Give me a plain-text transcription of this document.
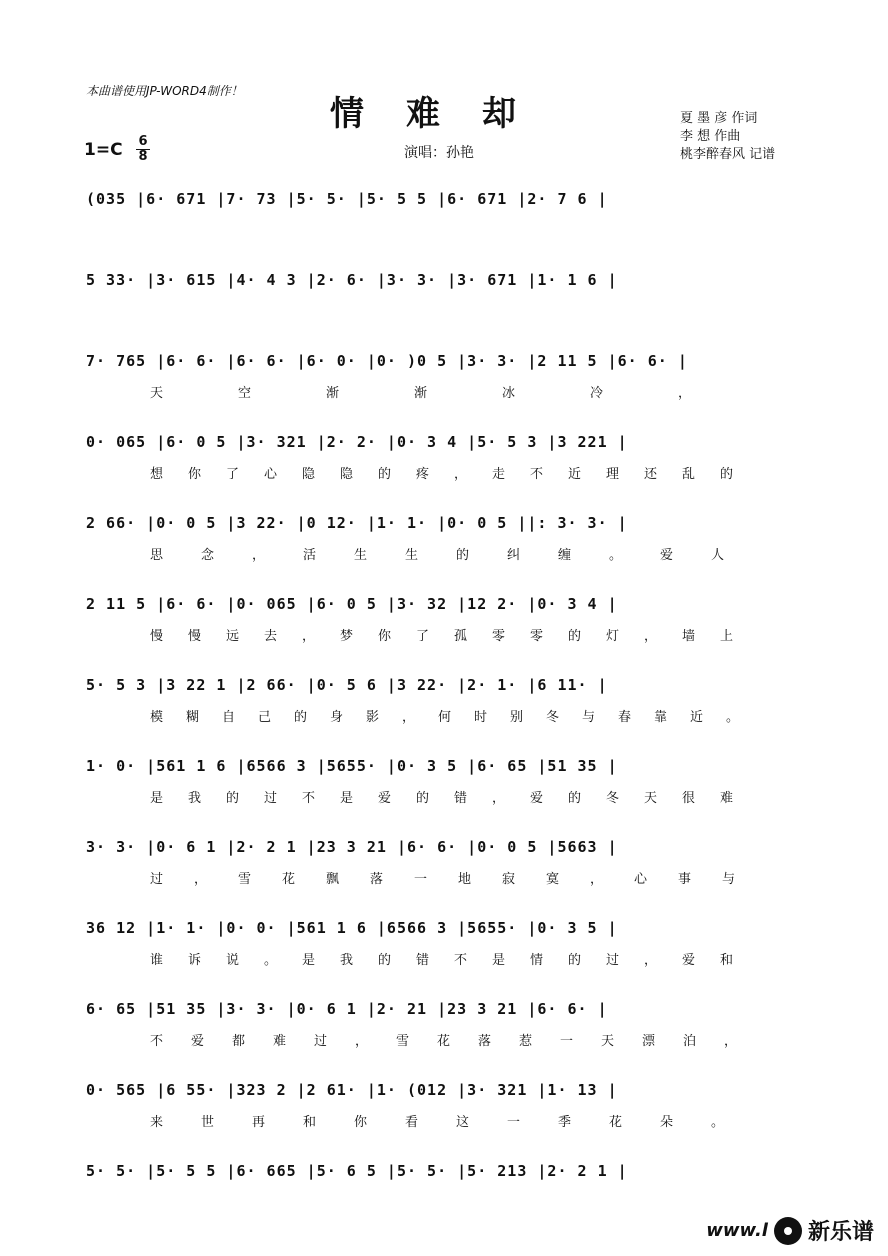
本曲谱使用JP-WORD4制作！
情难却
1=C 6
8	演唱：孙艳
夏 墨 彦 作词
李 想 作曲
桃李醉春风 记谱
(035 |6· 671 |7· 73 |5· 5· |5· 5 5 |6· 671 |2· 7 6 |
5 33· |3· 615 |4· 4 3 |2· 6· |3· 3· |3· 671 |1· 1 6 |
7· 765 |6· 6· |6· 6· |6· 0· |0· )0 5 |3· 3· |2 11 5 |6· 6· |
天空渐渐冰冷，
0· 065 |6· 0 5 |3· 321 |2· 2· |0· 3 4 |5· 5 3 |3 221 |
想你了心隐隐的疼，走不近理还乱的
2 66· |0· 0 5 |3 22· |0 12· |1· 1· |0· 0 5 ||: 3· 3· |
思念，活生生的纠缠。爱人
2 11 5 |6· 6· |0· 065 |6· 0 5 |3· 32 |12 2· |0· 3 4 |
慢慢远去，梦你了孤零零的灯，墙上
5· 5 3 |3 22 1 |2 66· |0· 5 6 |3 22· |2· 1· |6 11· |
模糊自己的身影，何时别冬与春靠近。
1· 0· |561 1 6 |6566 3 |5655· |0· 3 5 |6· 65 |51 35 |
是我的过不是爱的错，爱的冬天很难
3· 3· |0· 6 1 |2· 2 1 |23 3 21 |6· 6· |0· 0 5 |5663 |
过，雪花飘落一地寂寞，心事与
36 12 |1· 1· |0· 0· |561 1 6 |6566 3 |5655· |0· 3 5 |
谁诉说。是我的错不是情的过，爱和
6· 65 |51 35 |3· 3· |0· 6 1 |2· 21 |23 3 21 |6· 6· |
不爱都难过，雪花落惹一天漂泊，
0· 565 |6 55· |323 2 |2 61· |1· (012 |3· 321 |1· 13 |
来世再和你看这一季花朵。
5· 5· |5· 5 5 |6· 665 |5· 6 5 |5· 5· |5· 213 |2· 2 1 |
www.l 新乐谱
